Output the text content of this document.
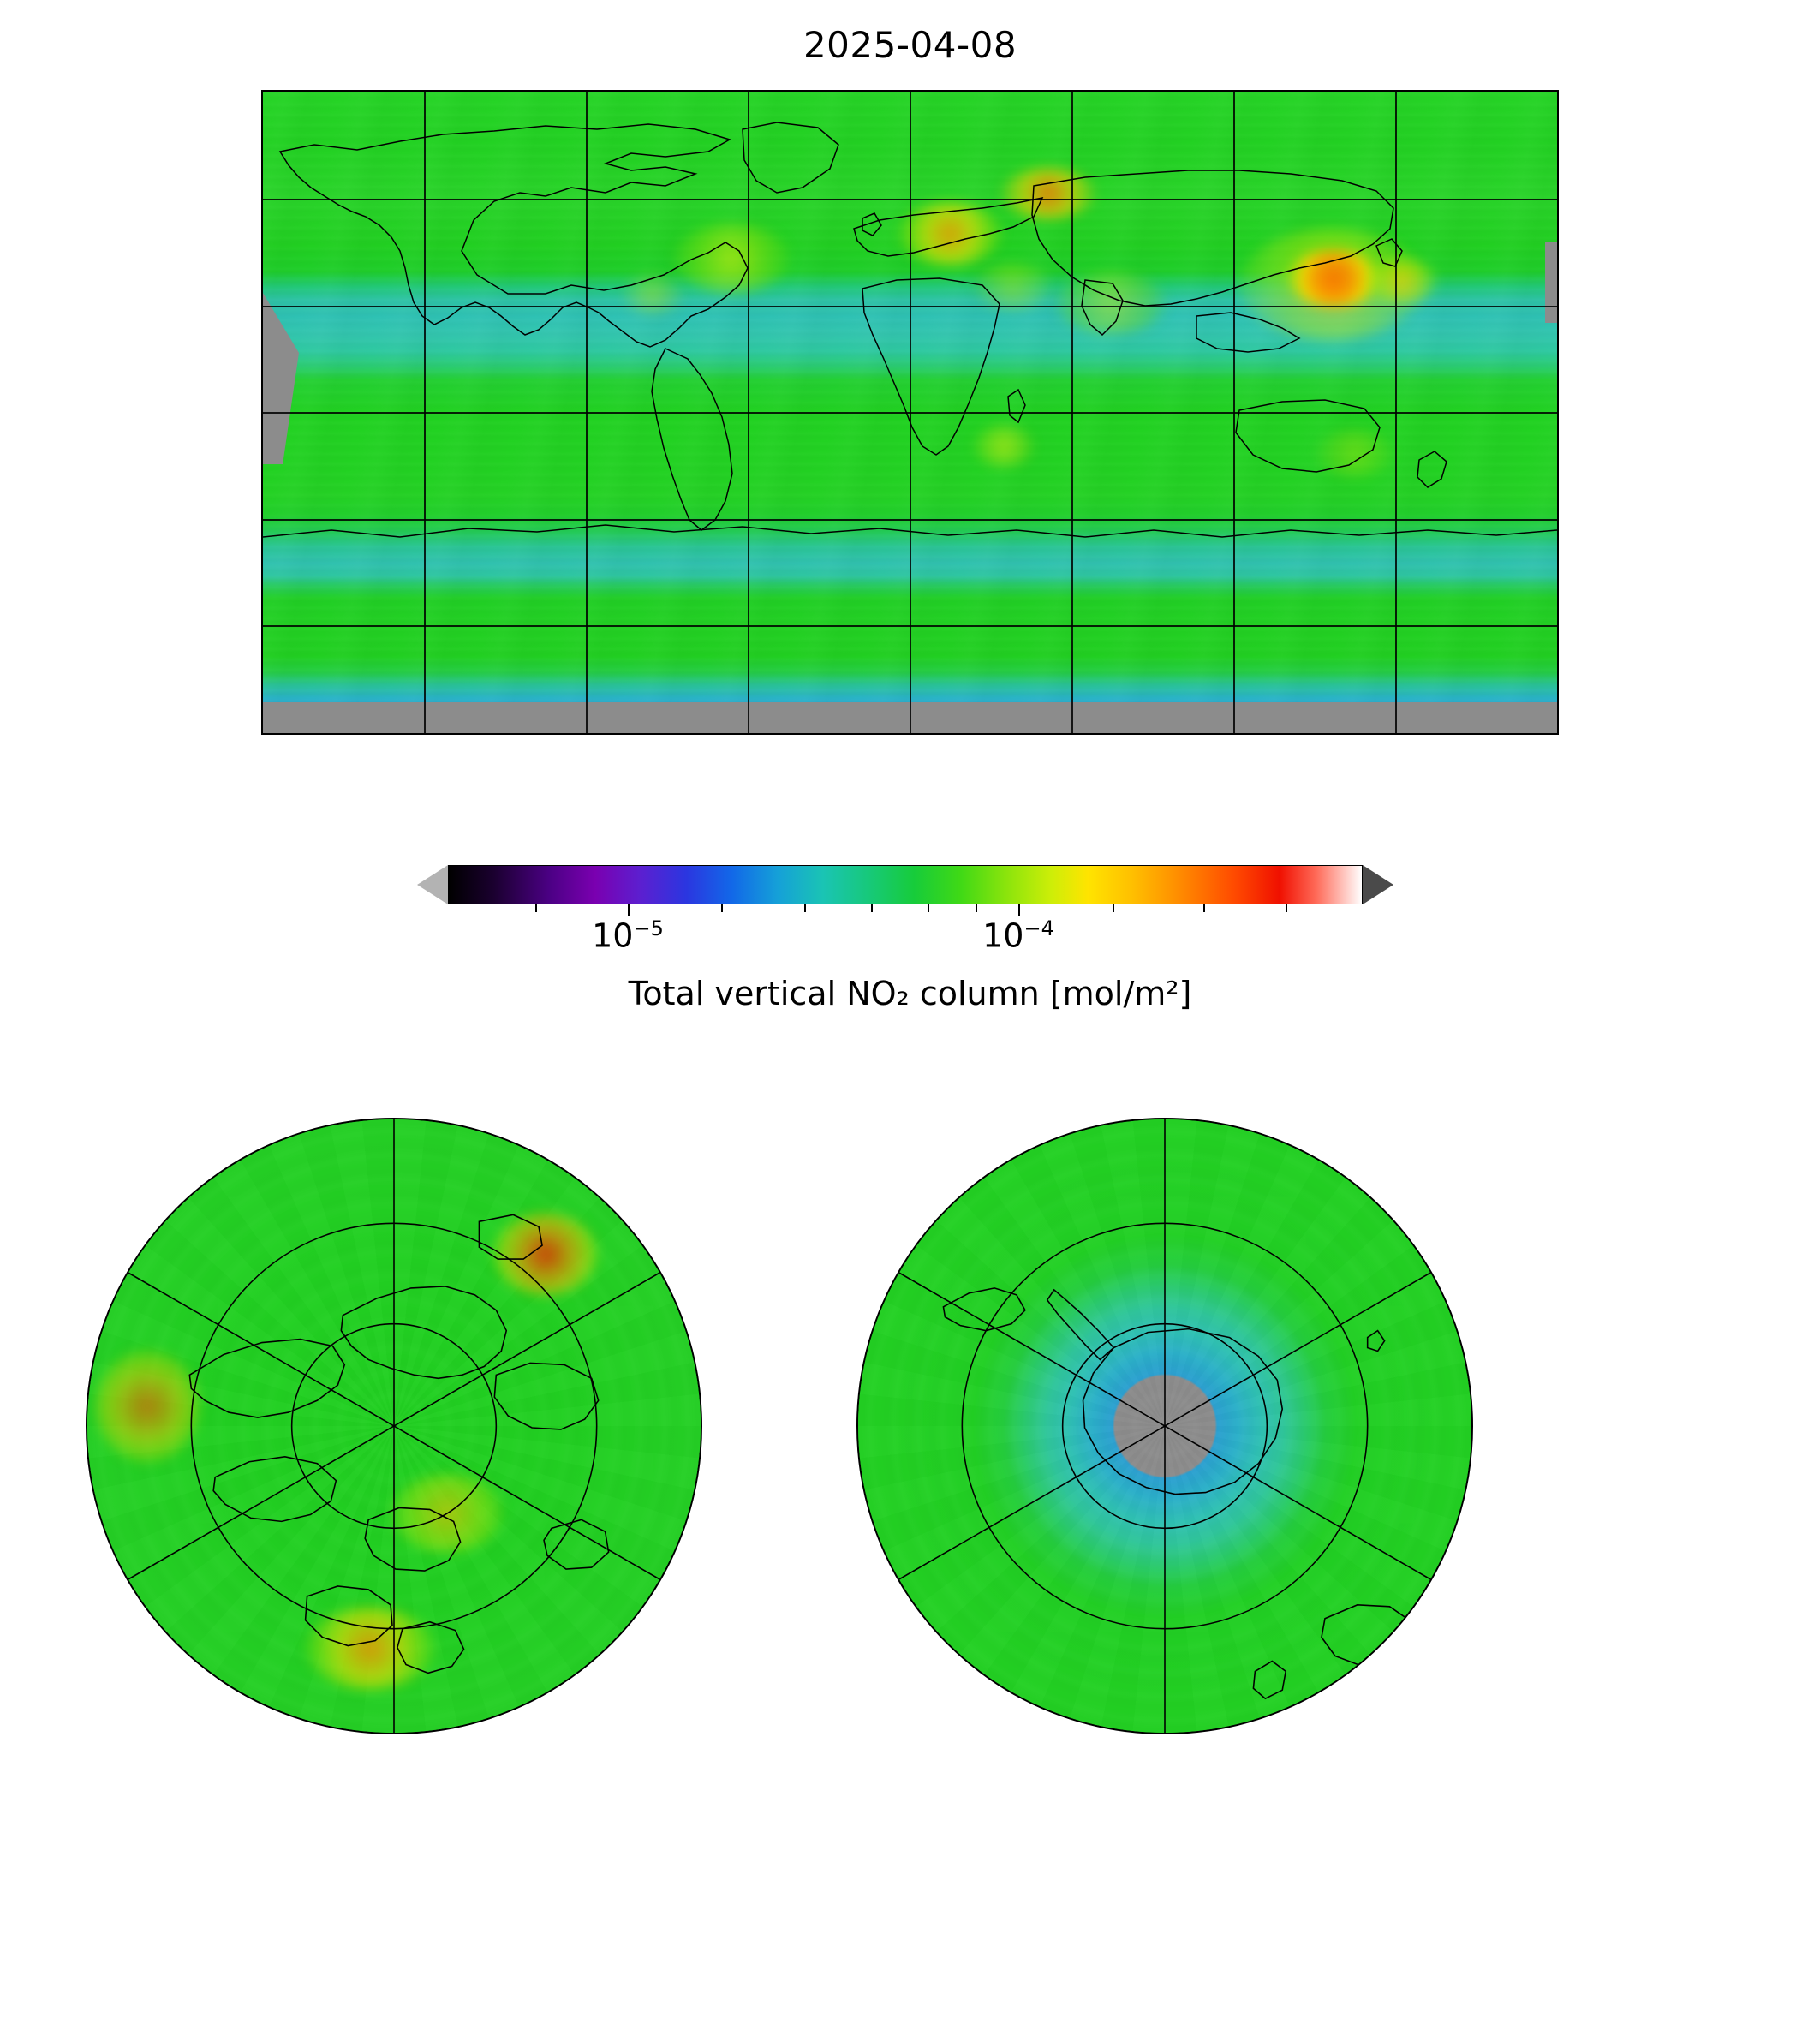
2025-04-08
$10^{-5}$	$10^{-4}$
Total vertical NO₂ column [mol/m²]
